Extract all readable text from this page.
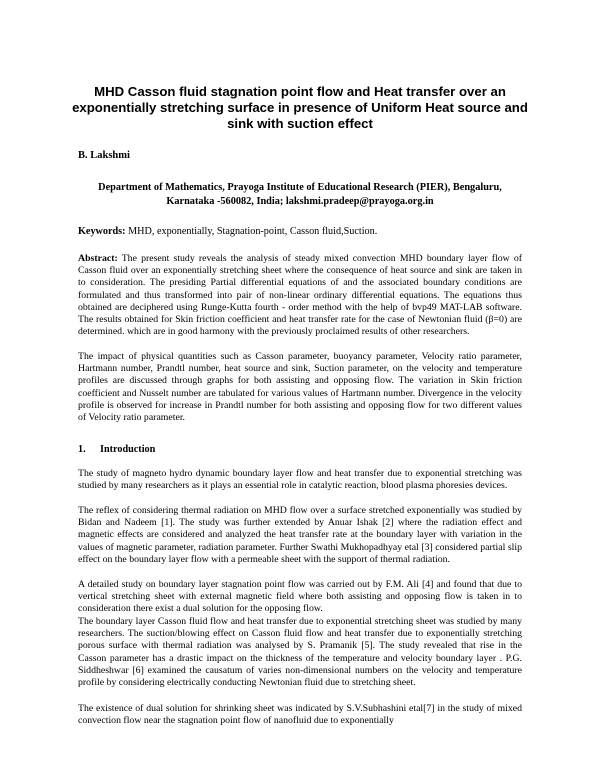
MHD Casson fluid stagnation point flow and Heat transfer over an exponentially stretching surface in presence of Uniform Heat source and sink with suction effect
B. Lakshmi
Department of Mathematics, Prayoga Institute of Educational Research (PIER), Bengaluru, Karnataka -560082, India; lakshmi.pradeep@prayoga.org.in
Keywords: MHD, exponentially, Stagnation-point, Casson fluid,Suction.
Abstract: The present study reveals the analysis of steady mixed convection MHD boundary layer flow of Casson fluid over an exponentially stretching sheet where the consequence of heat source and sink are taken in to consideration. The presiding Partial differential equations of and the associated boundary conditions are formulated and thus transformed into pair of non-linear ordinary differential equations. The equations thus obtained are deciphered using Runge-Kutta fourth - order method with the help of bvp49 MAT-LAB software. The results obtained for Skin friction coefficient and heat transfer rate for the case of Newtonian fluid (β=0) are determined. which are in good harmony with the previously proclaimed results of other researchers.
The impact of physical quantities such as Casson parameter, buoyancy parameter, Velocity ratio parameter, Hartmann number, Prandtl number, heat source and sink, Suction parameter, on the velocity and temperature profiles are discussed through graphs for both assisting and opposing flow. The variation in Skin friction coefficient and Nusselt number are tabulated for various values of Hartmann number. Divergence in the velocity profile is observed for increase in Prandtl number for both assisting and opposing flow for two different values of Velocity ratio parameter.
1. Introduction
The study of magneto hydro dynamic boundary layer flow and heat transfer due to exponential stretching was studied by many researchers as it plays an essential role in catalytic reaction, blood plasma phoresies devices.
The reflex of considering thermal radiation on MHD flow over a surface stretched exponentially was studied by Bidan and Nadeem [1]. The study was further extended by Anuar Ishak [2] where the radiation effect and magnetic effects are considered and analyzed the heat transfer rate at the boundary layer with variation in the values of magnetic parameter, radiation parameter. Further Swathi Mukhopadhyay etal [3] considered partial slip effect on the boundary layer flow with a permeable sheet with the support of thermal radiation.
A detailed study on boundary layer stagnation point flow was carried out by F.M. Ali [4] and found that due to vertical stretching sheet with external magnetic field where both assisting and opposing flow is taken in to consideration there exist a dual solution for the opposing flow.
The boundary layer Casson fluid flow and heat transfer due to exponential stretching sheet was studied by many researchers. The suction/blowing effect on Casson fluid flow and heat transfer due to exponentially stretching porous surface with thermal radiation was analysed by S. Pramanik [5]. The study revealed that rise in the Casson parameter has a drastic impact on the thickness of the temperature and velocity boundary layer . P.G. Siddheshwar [6] examined the causatum of varies non-dimensional numbers on the velocity and temperature profile by considering electrically conducting Newtonian fluid due to stretching sheet.
The existence of dual solution for shrinking sheet was indicated by S.V.Subhashini etal[7] in the study of mixed convection flow near the stagnation point flow of nanofluid due to exponentially
